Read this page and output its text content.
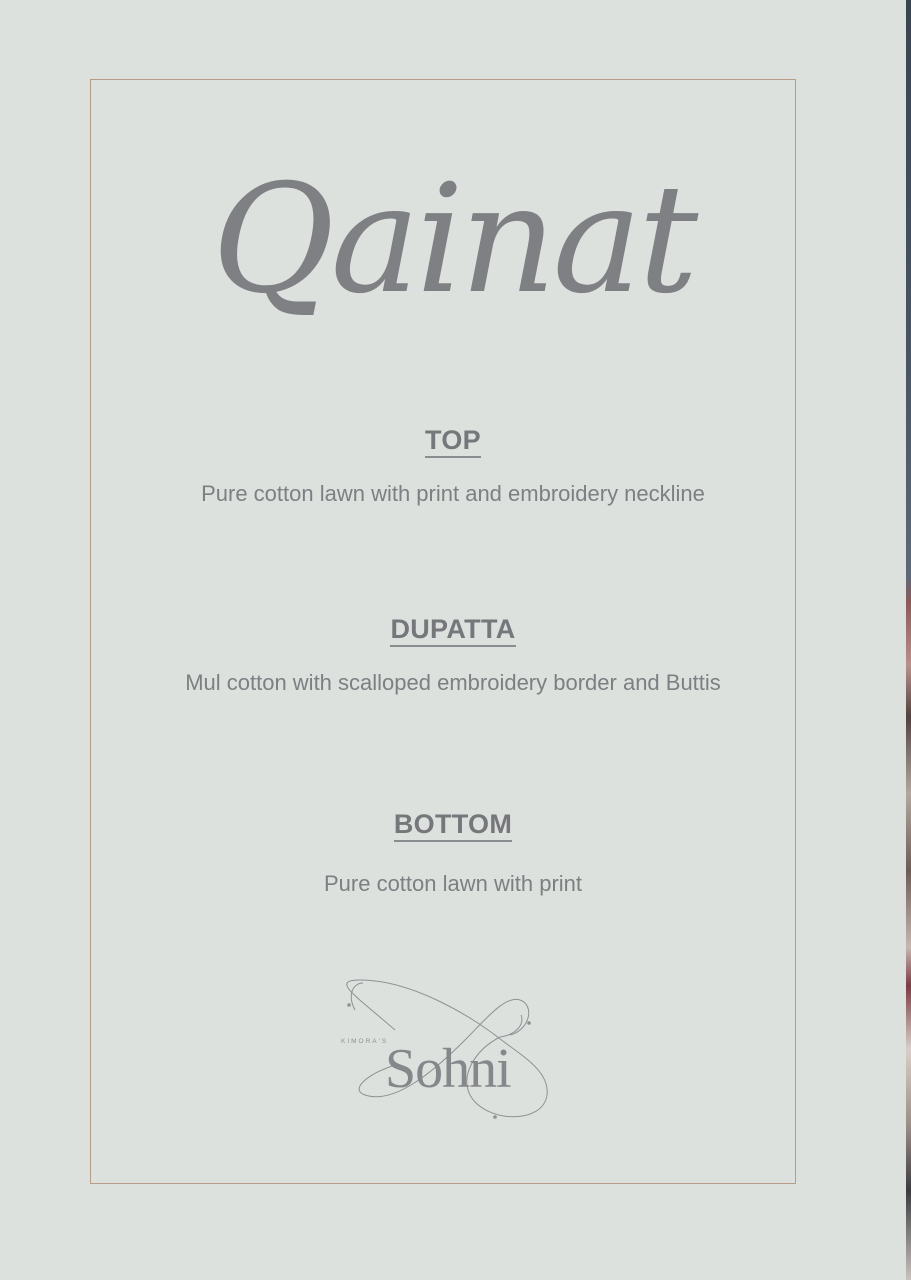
Qainat
TOP
Pure cotton lawn with print and embroidery neckline
DUPATTA
Mul cotton with scalloped embroidery border and Buttis
BOTTOM
Pure cotton lawn with print
KIMORA'S
Sohni
